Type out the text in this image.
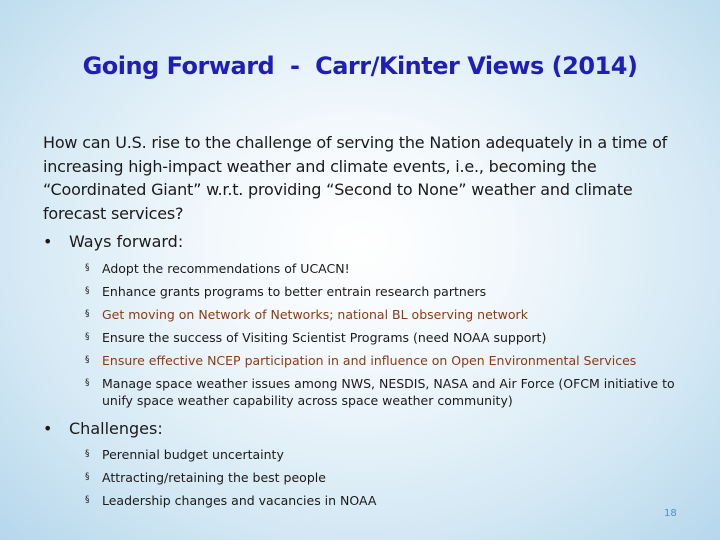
Going Forward  -  Carr/Kinter Views (2014)
How can U.S. rise to the challenge of serving the Nation adequately in a time of increasing high-impact weather and climate events, i.e., becoming the “Coordinated Giant” w.r.t. providing “Second to None” weather and climate forecast services?
•	Ways forward:
§	Adopt the recommendations of UCACN!
§	Enhance grants programs to better entrain research partners
§	Get moving on Network of Networks; national BL observing network
§	Ensure the success of Visiting Scientist Programs (need NOAA support)
§	Ensure effective NCEP participation in and influence on Open Environmental Services
§	Manage space weather issues among NWS, NESDIS, NASA and Air Force (OFCM initiative to unify space weather capability across space weather community)
•	Challenges:
§	Perennial budget uncertainty
§	Attracting/retaining the best people
§	Leadership changes and vacancies in NOAA
18
